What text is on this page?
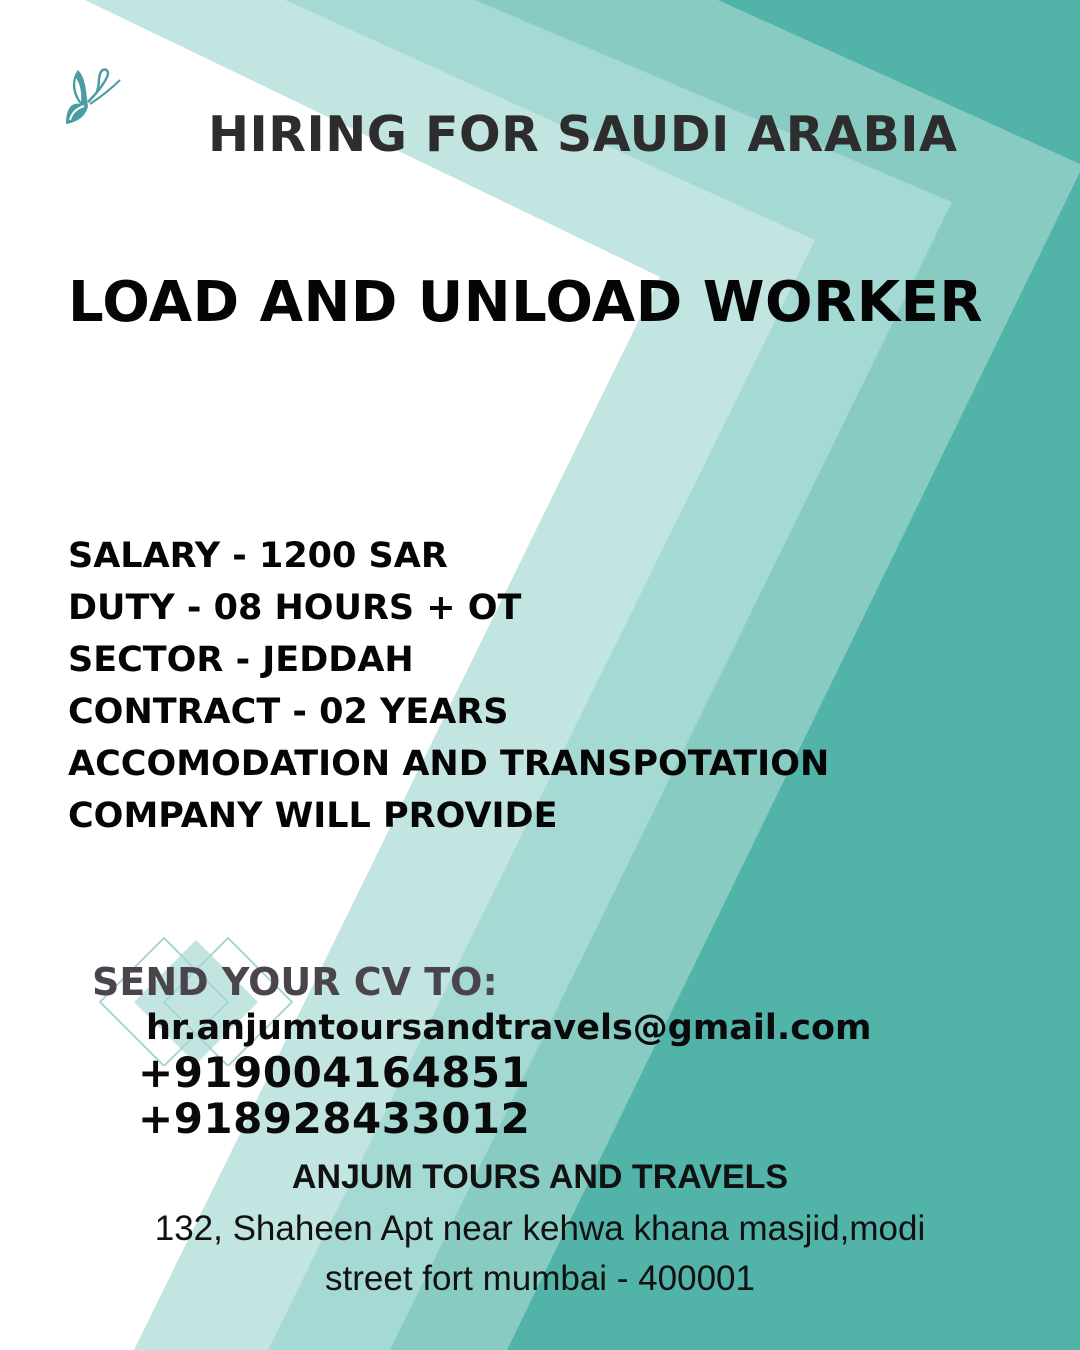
HIRING FOR SAUDI ARABIA
LOAD AND UNLOAD WORKER
SALARY - 1200 SAR
DUTY - 08 HOURS + OT
SECTOR - JEDDAH
CONTRACT - 02 YEARS
ACCOMODATION AND TRANSPOTATION
COMPANY WILL PROVIDE
SEND YOUR CV TO:
hr.anjumtoursandtravels@gmail.com
+919004164851
+918928433012
ANJUM TOURS AND TRAVELS
132, Shaheen Apt near kehwa khana masjid,modi
street fort mumbai - 400001
